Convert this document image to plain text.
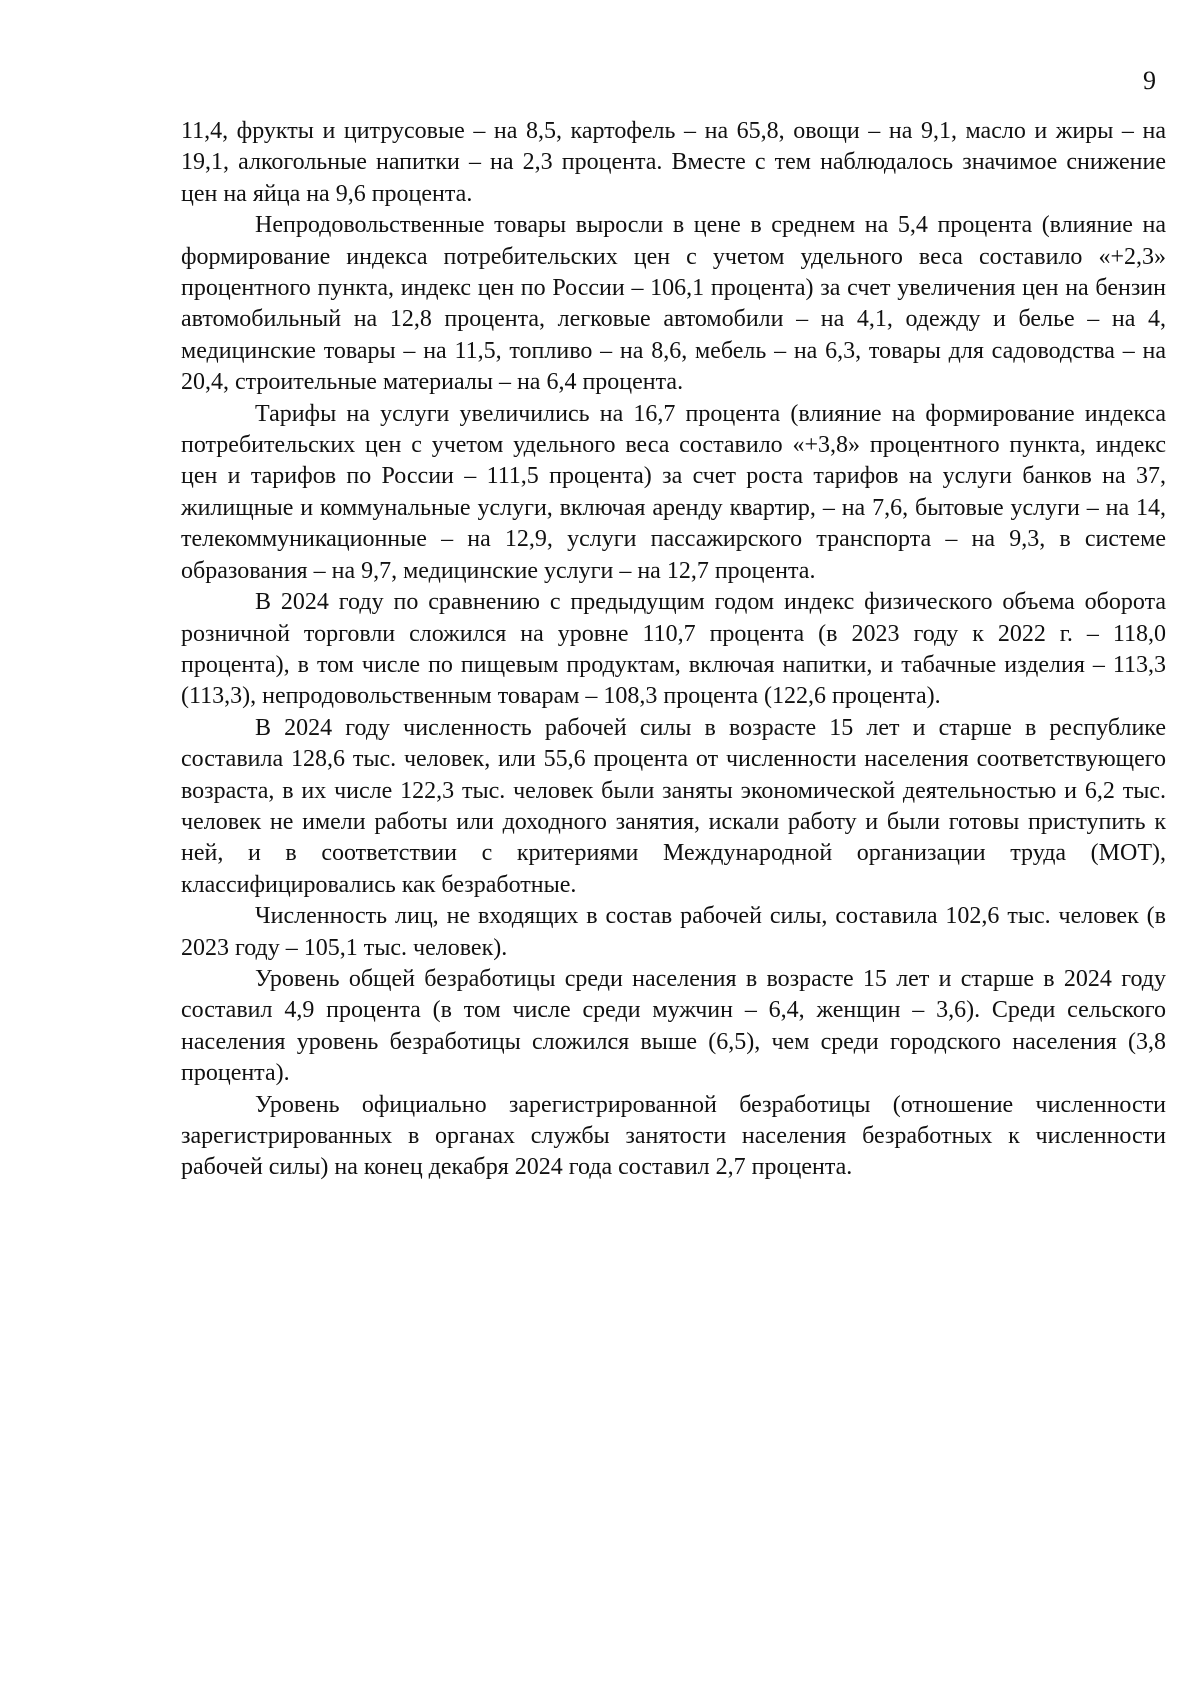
9

11,4, фрукты и цитрусовые – на 8,5, картофель – на 65,8, овощи – на 9,1, масло и жиры – на 19,1, алкогольные напитки – на 2,3 процента. Вместе с тем наблюдалось значимое снижение цен на яйца на 9,6 процента.

Непродовольственные товары выросли в цене в среднем на 5,4 процента (влияние на формирование индекса потребительских цен с учетом удельного веса составило «+2,3» процентного пункта, индекс цен по России – 106,1 процента) за счет увеличения цен на бензин автомобильный на 12,8 процента, легковые автомобили – на 4,1, одежду и белье – на 4, медицинские товары – на 11,5, топливо – на 8,6, мебель – на 6,3, товары для садоводства – на 20,4, строительные материалы – на 6,4 процента.

Тарифы на услуги увеличились на 16,7 процента (влияние на формирование индекса потребительских цен с учетом удельного веса составило «+3,8» процентного пункта, индекс цен и тарифов по России – 111,5 процента) за счет роста тарифов на услуги банков на 37, жилищные и коммунальные услуги, включая аренду квартир, – на 7,6, бытовые услуги – на 14, телекоммуникационные – на 12,9, услуги пассажирского транспорта – на 9,3, в системе образования – на 9,7, медицинские услуги – на 12,7 процента.

В 2024 году по сравнению с предыдущим годом индекс физического объема оборота розничной торговли сложился на уровне 110,7 процента (в 2023 году к 2022 г. – 118,0 процента), в том числе по пищевым продуктам, включая напитки, и табачные изделия – 113,3 (113,3), непродовольственным товарам – 108,3 процента (122,6 процента).

В 2024 году численность рабочей силы в возрасте 15 лет и старше в республике составила 128,6 тыс. человек, или 55,6 процента от численности населения соответствующего возраста, в их числе 122,3 тыс. человек были заняты экономической деятельностью и 6,2 тыс. человек не имели работы или доходного занятия, искали работу и были готовы приступить к ней, и в соответствии с критериями Международной организации труда (МОТ), классифицировались как безработные.

Численность лиц, не входящих в состав рабочей силы, составила 102,6 тыс. человек (в 2023 году – 105,1 тыс. человек).

Уровень общей безработицы среди населения в возрасте 15 лет и старше в 2024 году составил 4,9 процента (в том числе среди мужчин – 6,4, женщин – 3,6). Среди сельского населения уровень безработицы сложился выше (6,5), чем среди городского населения (3,8 процента).

Уровень официально зарегистрированной безработицы (отношение численности зарегистрированных в органах службы занятости населения безработных к численности рабочей силы) на конец декабря 2024 года составил 2,7 процента.
